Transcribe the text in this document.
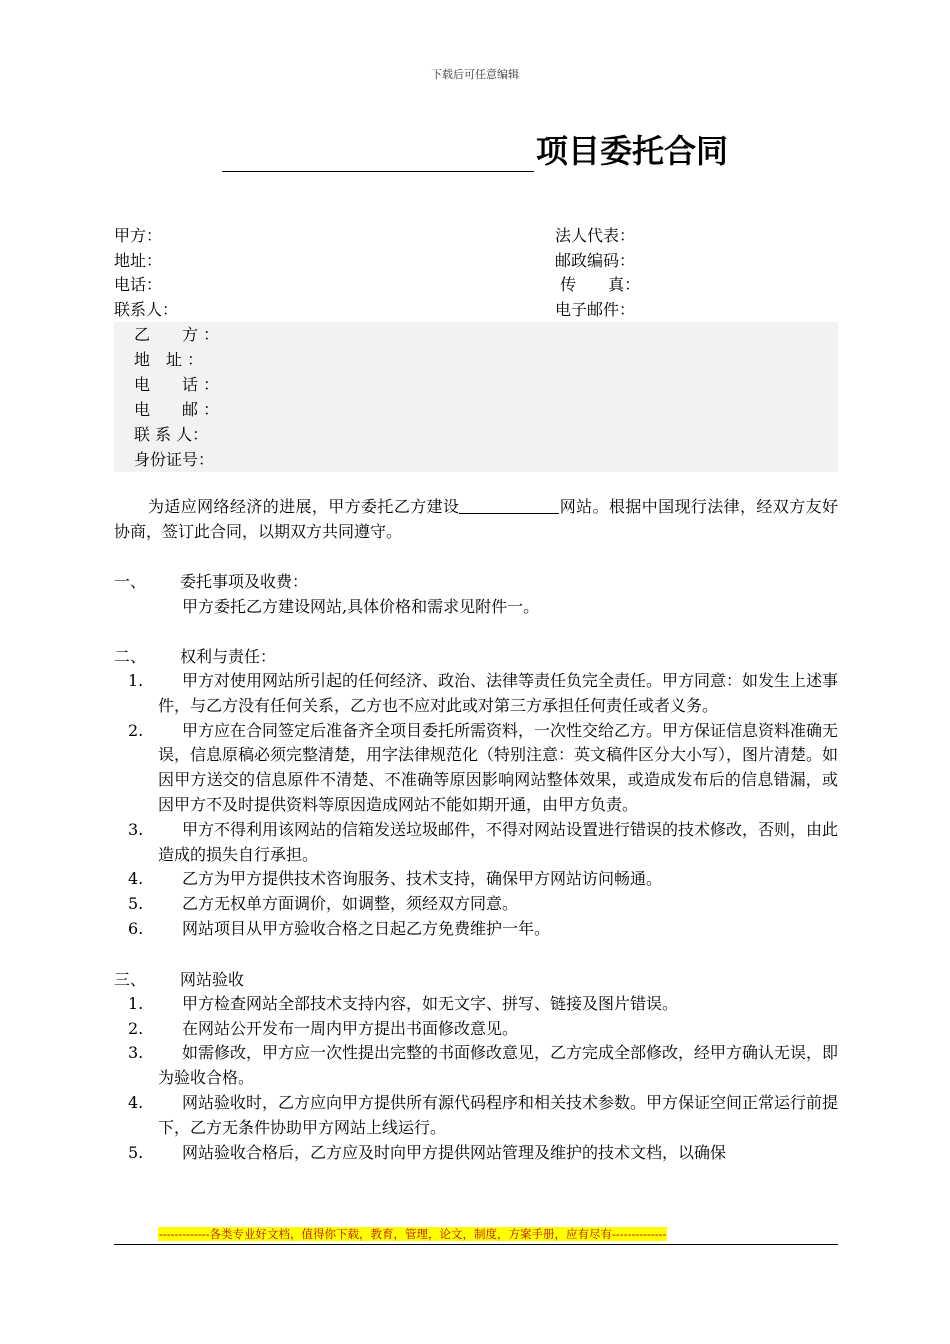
下载后可任意编辑
项目委托合同
甲方：	法人代表：
地址：	邮政编码：
电话：	传　　真：
联系人：	电子邮件：
乙　　方 ：
地　址 ：
电　　话 ：
电　　邮 ：
联 系 人：
身份证号：

为适应网络经济的进展，甲方委托乙方建设	网站。根据中国现行法律，经双方友好协商，签订此合同，以期双方共同遵守。

一、 委托事项及收费：

甲方委托乙方建设网站,具体价格和需求见附件一。

二、 权利与责任：
1.	甲方对使用网站所引起的任何经济、政治、法律等责任负完全责任。甲方同意：如发生上述事件，与乙方没有任何关系，乙方也不应对此或对第三方承担任何责任或者义务。
2.	甲方应在合同签定后准备齐全项目委托所需资料，一次性交给乙方。甲方保证信息资料准确无误，信息原稿必须完整清楚，用字法律规范化（特别注意：英文稿件区分大小写），图片清楚。如因甲方送交的信息原件不清楚、不准确等原因影响网站整体效果，或造成发布后的信息错漏，或因甲方不及时提供资料等原因造成网站不能如期开通，由甲方负责。
3.	甲方不得利用该网站的信箱发送垃圾邮件，不得对网站设置进行错误的技术修改，否则，由此造成的损失自行承担。
4.	乙方为甲方提供技术咨询服务、技术支持，确保甲方网站访问畅通。
5.	乙方无权单方面调价，如调整，须经双方同意。
6.	网站项目从甲方验收合格之日起乙方免费维护一年。
三、 网站验收
1.	甲方检查网站全部技术支持内容，如无文字、拼写、链接及图片错误。
2.	在网站公开发布一周内甲方提出书面修改意见。
3.	如需修改，甲方应一次性提出完整的书面修改意见，乙方完成全部修改，经甲方确认无误，即为验收合格。
4.	网站验收时，乙方应向甲方提供所有源代码程序和相关技术参数。甲方保证空间正常运行前提下，乙方无条件协助甲方网站上线运行。
5.	网站验收合格后，乙方应及时向甲方提供网站管理及维护的技术文档，以确保
-------------各类专业好文档，值得你下载，教育，管理，论文，制度，方案手册，应有尽有--------------
